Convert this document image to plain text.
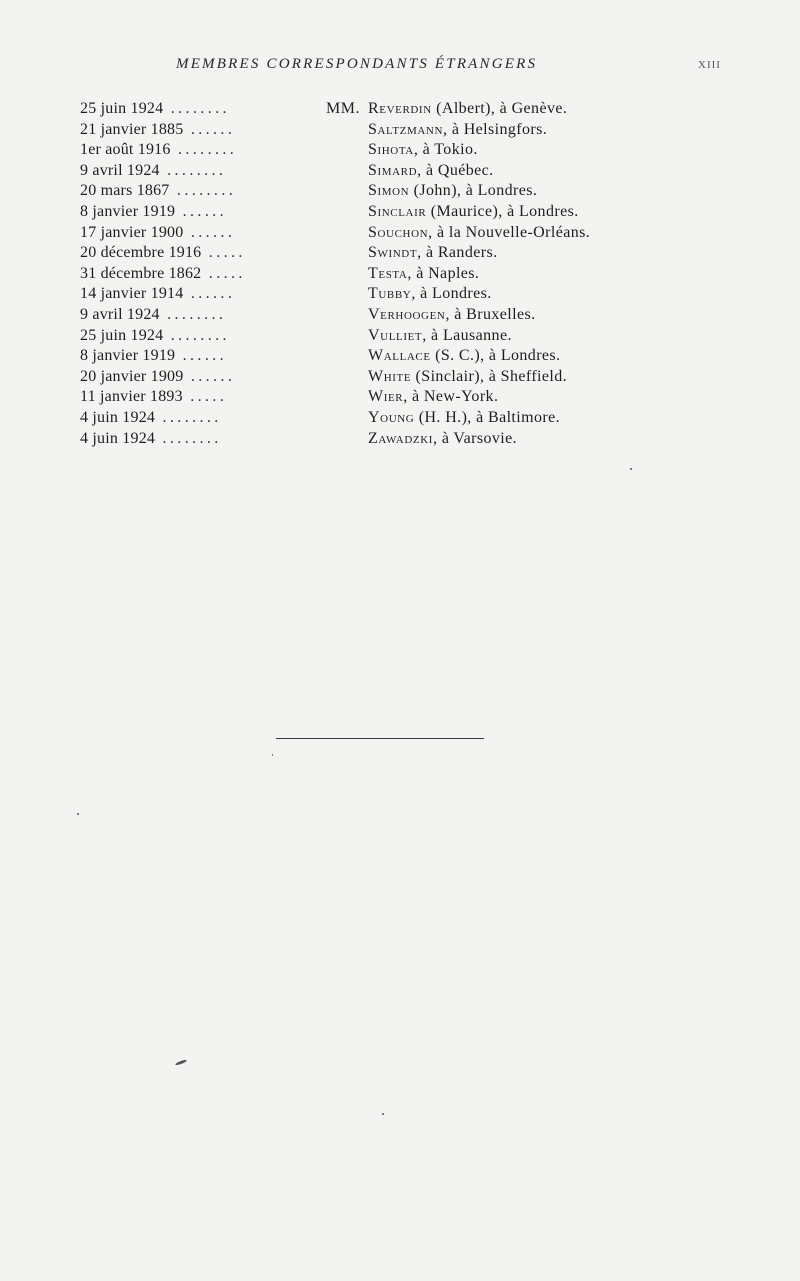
MEMBRES CORRESPONDANTS ÉTRANGERS	XIII
25 juin 1924 ........	MM. Reverdin (Albert), à Genève.
21 janvier 1885 ......	Saltzmann, à Helsingfors.
1er août 1916 ........	Sihota, à Tokio.
9 avril 1924 ........	Simard, à Québec.
20 mars 1867 ........	Simon (John), à Londres.
8 janvier 1919 ......	Sinclair (Maurice), à Londres.
17 janvier 1900 ......	Souchon, à la Nouvelle-Orléans.
20 décembre 1916 .....	Swindt, à Randers.
31 décembre 1862 .....	Testa, à Naples.
14 janvier 1914 ......	Tubby, à Londres.
9 avril 1924 ........	Verhoogen, à Bruxelles.
25 juin 1924 ........	Vulliet, à Lausanne.
8 janvier 1919 ......	Wallace (S. C.), à Londres.
20 janvier 1909 ......	White (Sinclair), à Sheffield.
11 janvier 1893 .....	Wier, à New-York.
4 juin 1924 ........	Young (H. H.), à Baltimore.
4 juin 1924 ........	Zawadzki, à Varsovie.
